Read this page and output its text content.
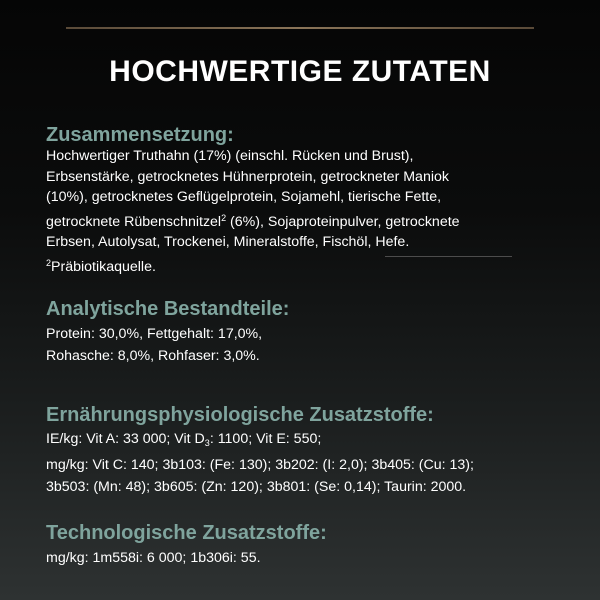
HOCHWERTIGE ZUTATEN

Zusammensetzung:

Hochwertiger Truthahn (17%) (einschl. Rücken und Brust),
Erbsenstärke, getrocknetes Hühnerprotein, getrockneter Maniok
(10%), getrocknetes Geflügelprotein, Sojamehl, tierische Fette,
getrocknete Rübenschnitzel$^2$ (6%), Sojaproteinpulver, getrocknete
Erbsen, Autolysat, Trockenei, Mineralstoffe, Fischöl, Hefe.
$^2$Präbiotikaquelle.

Analytische Bestandteile:

Protein: 30,0%, Fettgehalt: 17,0%,
Rohasche: 8,0%, Rohfaser: 3,0%.

Ernährungsphysiologische Zusatzstoffe:

IE/kg: Vit A: 33 000; Vit $D_3$: 1100; Vit E: 550;
mg/kg: Vit C: 140; 3b103: (Fe: 130); 3b202: (I: 2,0); 3b405: (Cu: 13);
3b503: (Mn: 48); 3b605: (Zn: 120); 3b801: (Se: 0,14); Taurin: 2000.

Technologische Zusatzstoffe:

mg/kg: 1m558i: 6 000; 1b306i: 55.
